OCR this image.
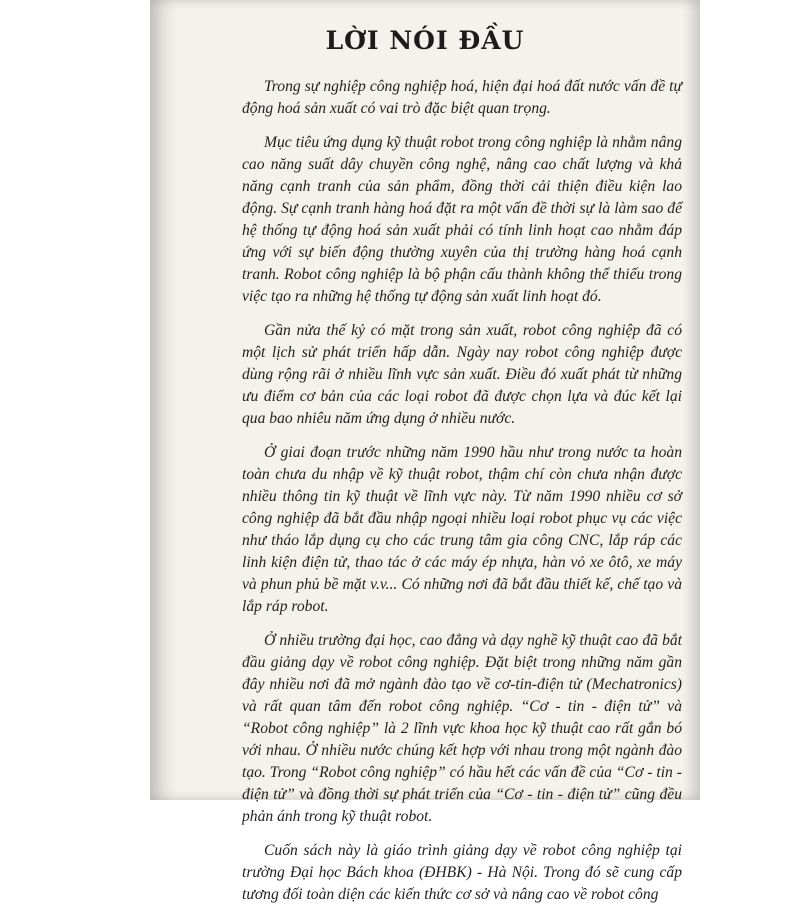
LỜI NÓI ĐẦU

Trong sự nghiệp công nghiệp hoá, hiện đại hoá đất nước vấn đề tự động hoá sản xuất có vai trò đặc biệt quan trọng.

Mục tiêu ứng dụng kỹ thuật robot trong công nghiệp là nhằm nâng cao năng suất dây chuyền công nghệ, nâng cao chất lượng và khả năng cạnh tranh của sản phẩm, đồng thời cải thiện điều kiện lao động. Sự cạnh tranh hàng hoá đặt ra một vấn đề thời sự là làm sao để hệ thống tự động hoá sản xuất phải có tính linh hoạt cao nhằm đáp ứng với sự biến động thường xuyên của thị trường hàng hoá cạnh tranh. Robot công nghiệp là bộ phận cấu thành không thể thiếu trong việc tạo ra những hệ thống tự động sản xuất linh hoạt đó.

Gần nửa thế kỷ có mặt trong sản xuất, robot công nghiệp đã có một lịch sử phát triển hấp dẫn. Ngày nay robot công nghiệp được dùng rộng rãi ở nhiều lĩnh vực sản xuất. Điều đó xuất phát từ những ưu điểm cơ bản của các loại robot đã được chọn lựa và đúc kết lại qua bao nhiêu năm ứng dụng ở nhiều nước.

Ở giai đoạn trước những năm 1990 hầu như trong nước ta hoàn toàn chưa du nhập về kỹ thuật robot, thậm chí còn chưa nhận được nhiều thông tin kỹ thuật về lĩnh vực này. Từ năm 1990 nhiều cơ sở công nghiệp đã bắt đầu nhập ngoại nhiều loại robot phục vụ các việc như tháo lắp dụng cụ cho các trung tâm gia công CNC, lắp ráp các linh kiện điện tử, thao tác ở các máy ép nhựa, hàn vỏ xe ôtô, xe máy và phun phủ bề mặt v.v... Có những nơi đã bắt đầu thiết kế, chế tạo và lắp ráp robot.

Ở nhiều trường đại học, cao đẳng và dạy nghề kỹ thuật cao đã bắt đầu giảng dạy về robot công nghiệp. Đặt biệt trong những năm gần đây nhiều nơi đã mở ngành đào tạo về cơ-tin-điện tử (Mechatronics) và rất quan tâm đến robot công nghiệp. “Cơ - tin - điện tử” và “Robot công nghiệp” là 2 lĩnh vực khoa học kỹ thuật cao rất gắn bó với nhau. Ở nhiều nước chúng kết hợp với nhau trong một ngành đào tạo. Trong “Robot công nghiệp” có hầu hết các vấn đề của “Cơ - tin - điện tử” và đồng thời sự phát triển của “Cơ - tin - điện tử” cũng đều phản ánh trong kỹ thuật robot.

Cuốn sách này là giáo trình giảng dạy về robot công nghiệp tại trường Đại học Bách khoa (ĐHBK) - Hà Nội. Trong đó sẽ cung cấp tương đối toàn diện các kiến thức cơ sở và nâng cao về robot công
